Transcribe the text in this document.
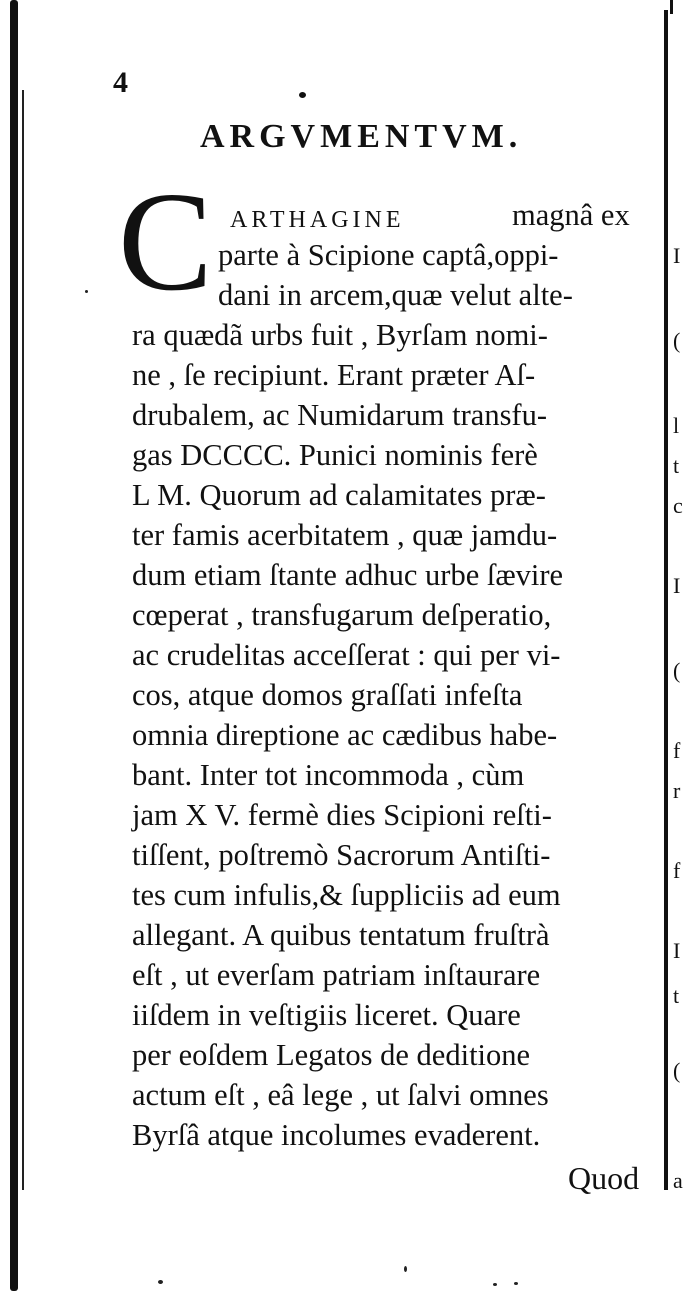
I
(
l
t
c
I
(
f
r
f
I
t
(
a
4
ARGVMENTVM.
C ARTHAGINE	magnâ ex
parte à Scipione captâ,oppi-
dani in arcem,quæ velut alte-
ra quædã urbs fuit , Byrſam nomi-
ne , ſe recipiunt. Erant præter Aſ-
drubalem, ac Numidarum transfu-
gas DCCCC. Punici nominis ferè
L M. Quorum ad calamitates præ-
ter famis acerbitatem , quæ jamdu-
dum etiam ſtante adhuc urbe ſævire
cœperat , transfugarum deſperatio,
ac crudelitas acceſſerat : qui per vi-
cos, atque domos graſſati infeſta
omnia direptione ac cædibus habe-
bant. Inter tot incommoda , cùm
jam X V. fermè dies Scipioni reſti-
tiſſent, poſtremò Sacrorum Antiſti-
tes cum infulis,& ſuppliciis ad eum
allegant. A quibus tentatum fruſtrà
eſt , ut everſam patriam inſtaurare
iiſdem in veſtigiis liceret. Quare
per eoſdem Legatos de deditione
actum eſt , eâ lege , ut ſalvi omnes
Byrſâ atque incolumes evaderent.
Quod
